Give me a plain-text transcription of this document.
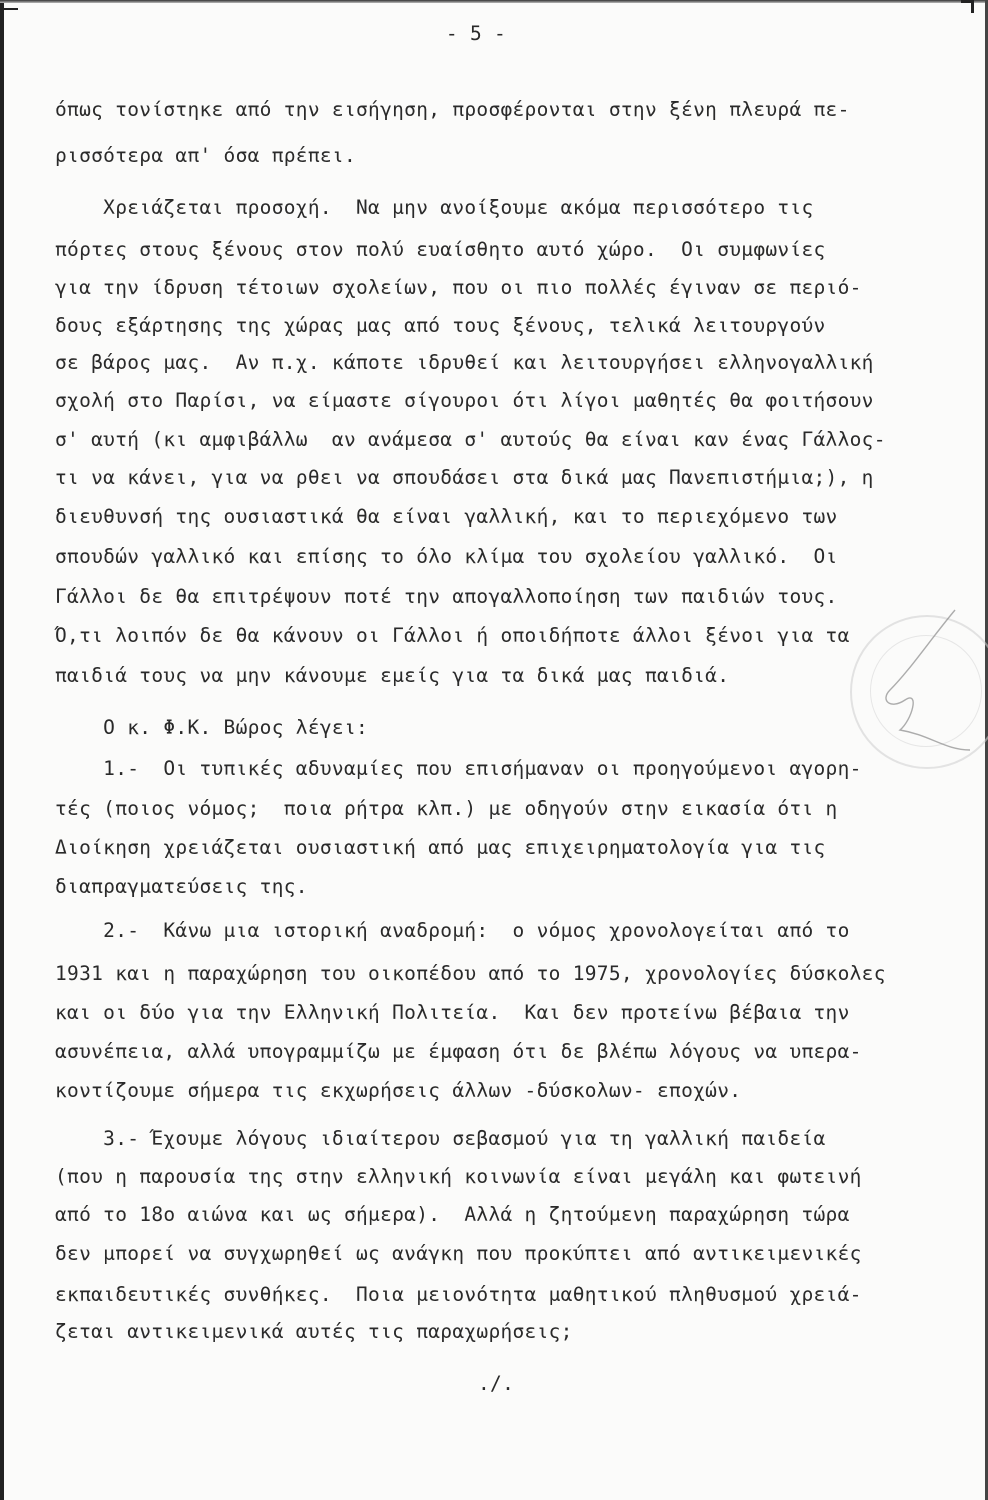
- 5 -
όπως τονίστηκε από την εισήγηση, προσφέρονται στην ξένη πλευρά πε-
ρισσότερα απ' όσα πρέπει.
Χρειάζεται προσοχή.  Να μην ανοίξουμε ακόμα περισσότερο τις
πόρτες στους ξένους στον πολύ ευαίσθητο αυτό χώρο.  Οι συμφωνίες
για την ίδρυση τέτοιων σχολείων, που οι πιο πολλές έγιναν σε περιό-
δους εξάρτησης της χώρας μας από τους ξένους, τελικά λειτουργούν
σε βάρος μας.  Αν π.χ. κάποτε ιδρυθεί και λειτουργήσει ελληνογαλλική
σχολή στο Παρίσι, να είμαστε σίγουροι ότι λίγοι μαθητές θα φοιτήσουν
σ' αυτή (κι αμφιβάλλω  αν ανάμεσα σ' αυτούς θα είναι καν ένας Γάλλος-
τι να κάνει, για να ρθει να σπουδάσει στα δικά μας Πανεπιστήμια;), η
διευθυνσή της ουσιαστικά θα είναι γαλλική, και το περιεχόμενο των
σπουδών γαλλικό και επίσης το όλο κλίμα του σχολείου γαλλικό.  Οι
Γάλλοι δε θα επιτρέψουν ποτέ την απογαλλοποίηση των παιδιών τους.
Ό,τι λοιπόν δε θα κάνουν οι Γάλλοι ή οποιδήποτε άλλοι ξένοι για τα
παιδιά τους να μην κάνουμε εμείς για τα δικά μας παιδιά.
Ο κ. Φ.Κ. Βώρος λέγει:
1.-  Οι τυπικές αδυναμίες που επισήμαναν οι προηγούμενοι αγορη-
τές (ποιος νόμος;  ποια ρήτρα κλπ.) με οδηγούν στην εικασία ότι η
Διοίκηση χρειάζεται ουσιαστική από μας επιχειρηματολογία για τις
διαπραγματεύσεις της.
2.-  Κάνω μια ιστορική αναδρομή:  ο νόμος χρονολογείται από το
1931 και η παραχώρηση του οικοπέδου από το 1975, χρονολογίες δύσκολες
και οι δύο για την Ελληνική Πολιτεία.  Και δεν προτείνω βέβαια την
ασυνέπεια, αλλά υπογραμμίζω με έμφαση ότι δε βλέπω λόγους να υπερα-
κοντίζουμε σήμερα τις εκχωρήσεις άλλων -δύσκολων- εποχών.
3.- Έχουμε λόγους ιδιαίτερου σεβασμού για τη γαλλική παιδεία
(που η παρουσία της στην ελληνική κοινωνία είναι μεγάλη και φωτεινή
από το 18ο αιώνα και ως σήμερα).  Αλλά η ζητούμενη παραχώρηση τώρα
δεν μπορεί να συγχωρηθεί ως ανάγκη που προκύπτει από αντικειμενικές
εκπαιδευτικές συνθήκες.  Ποια μειονότητα μαθητικού πληθυσμού χρειά-
ζεται αντικειμενικά αυτές τις παραχωρήσεις;
./.
